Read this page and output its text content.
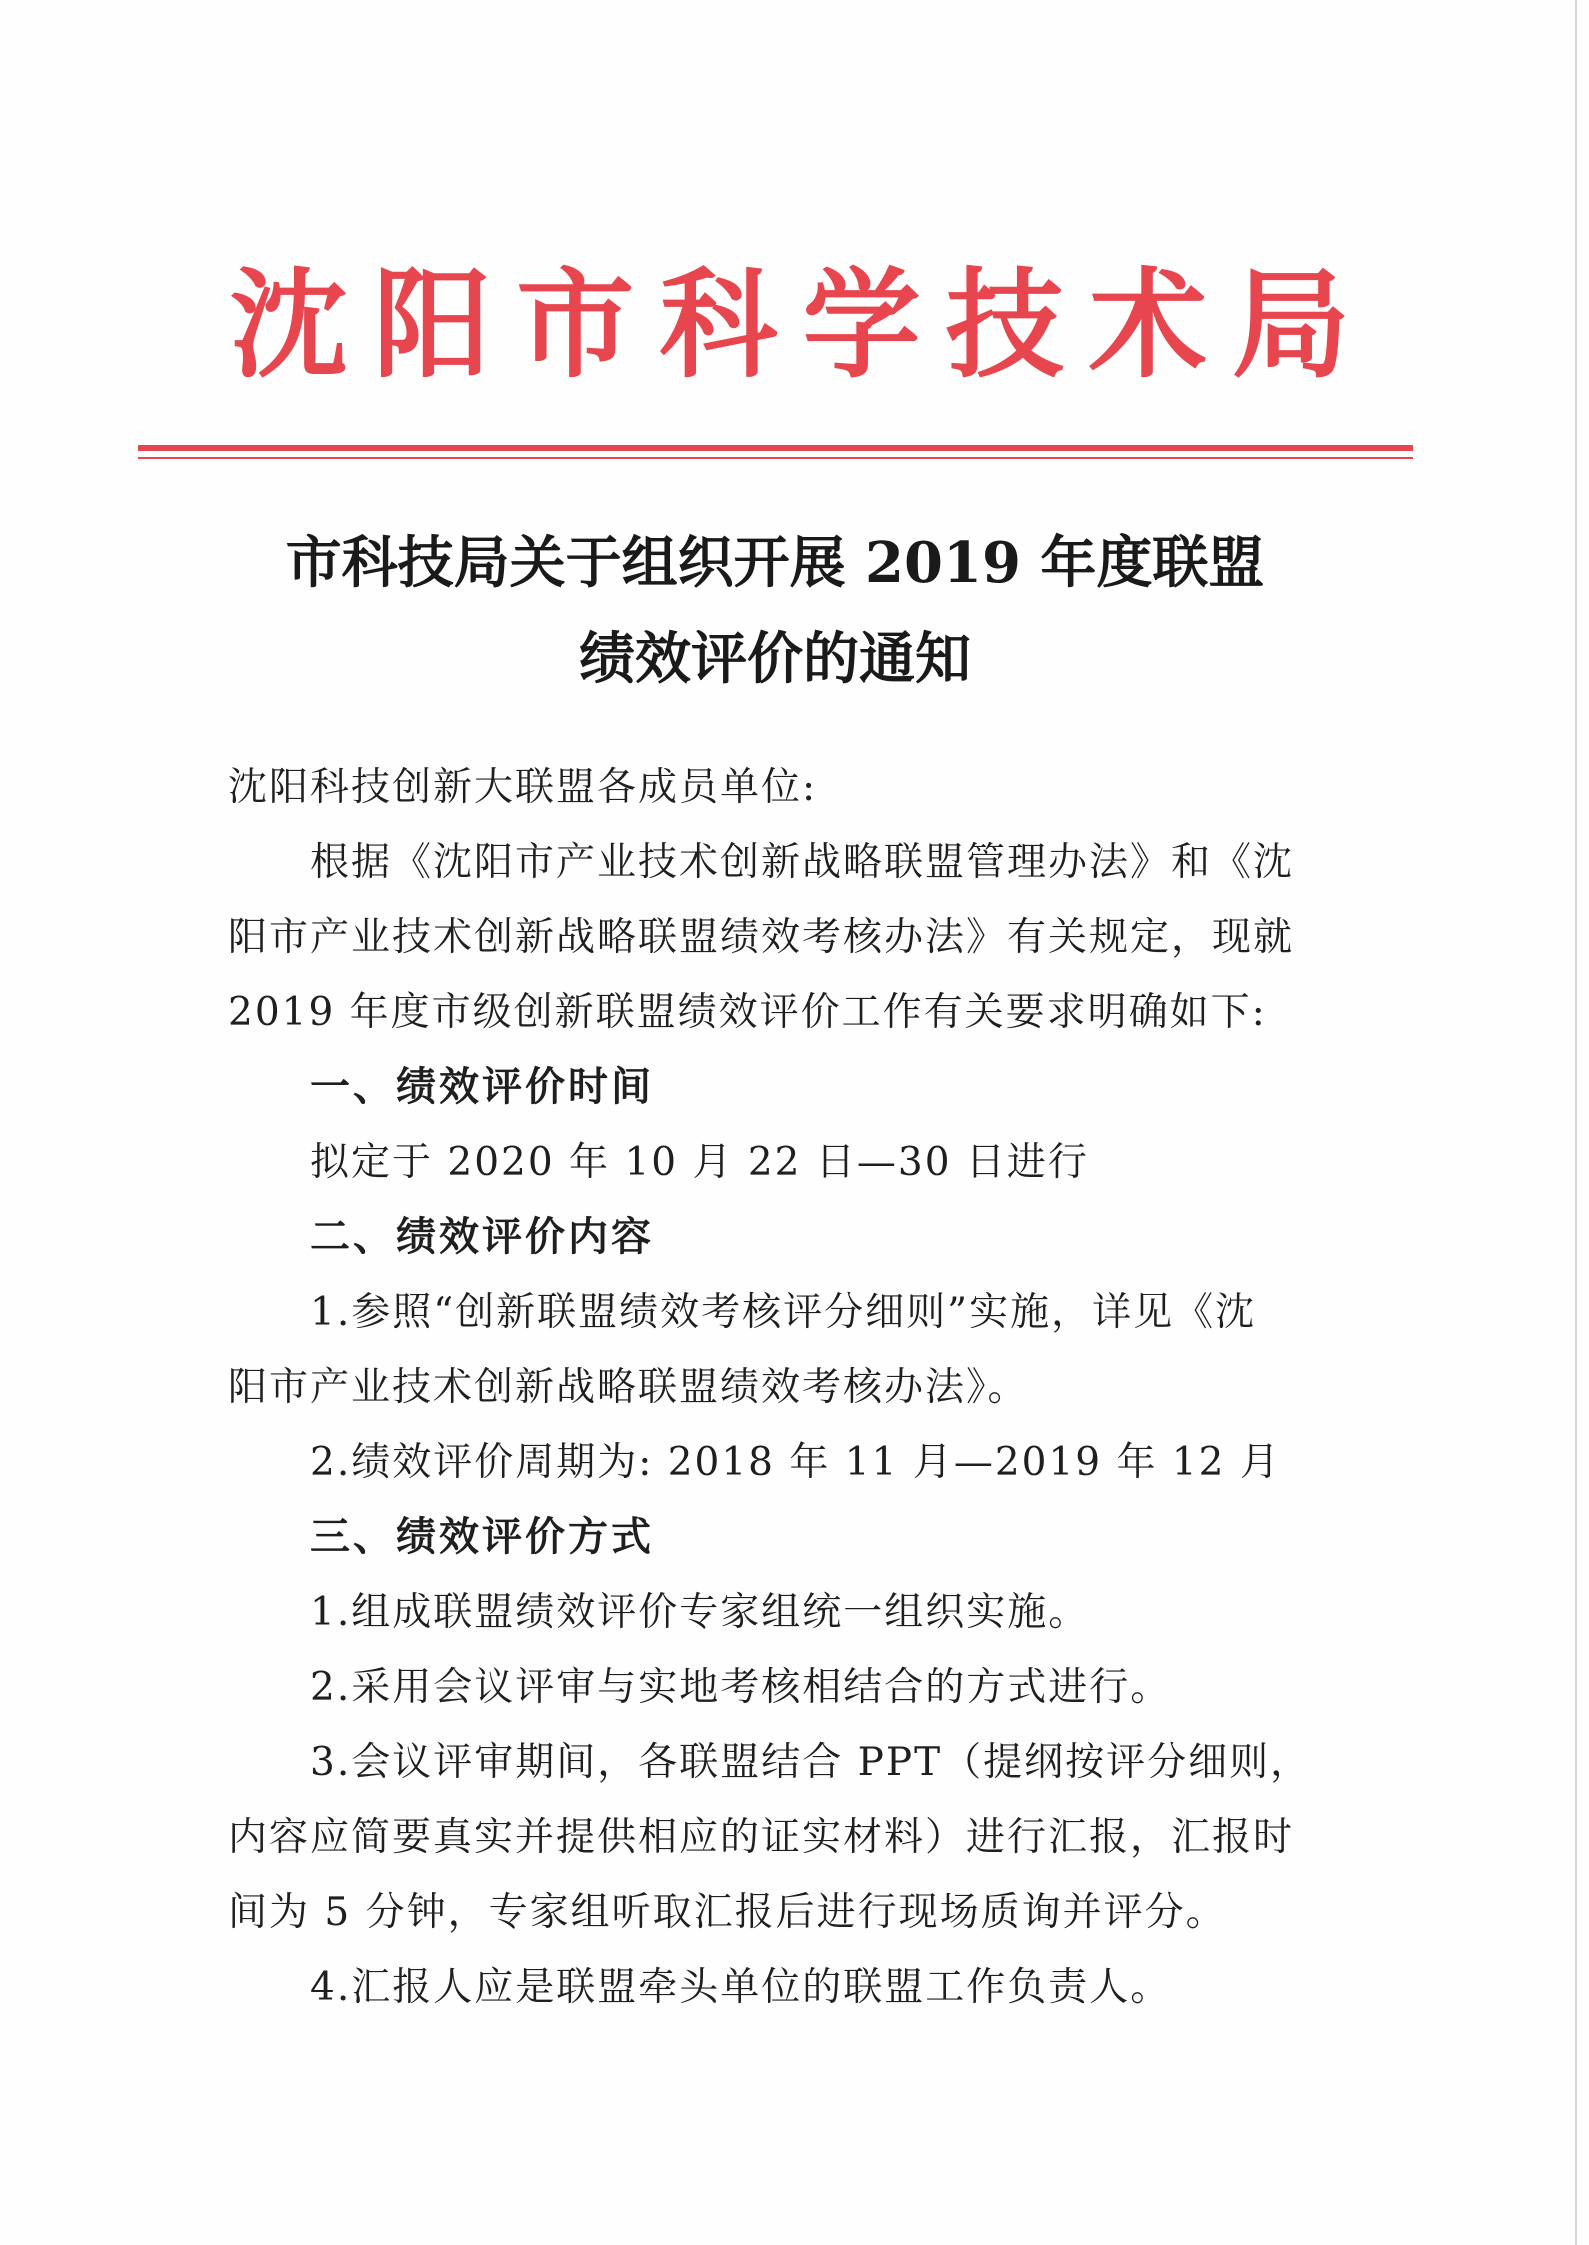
沈 阳 市 科 学 技 术 局
市科技局关于组织开展 2019 年度联盟
绩效评价的通知
沈阳科技创新大联盟各成员单位:
根据《沈阳市产业技术创新战略联盟管理办法》和《沈
阳市产业技术创新战略联盟绩效考核办法》有关规定，现就
2019 年度市级创新联盟绩效评价工作有关要求明确如下:
一、绩效评价时间
拟定于 2020 年 10 月 22 日—30 日进行
二、绩效评价内容
1.参照“创新联盟绩效考核评分细则”实施，详见《沈
阳市产业技术创新战略联盟绩效考核办法》。
2.绩效评价周期为: 2018 年 11 月—2019 年 12 月
三、绩效评价方式
1.组成联盟绩效评价专家组统一组织实施。
2.采用会议评审与实地考核相结合的方式进行。
3.会议评审期间，各联盟结合 PPT（提纲按评分细则，
内容应简要真实并提供相应的证实材料）进行汇报，汇报时
间为 5 分钟，专家组听取汇报后进行现场质询并评分。
4.汇报人应是联盟牵头单位的联盟工作负责人。
